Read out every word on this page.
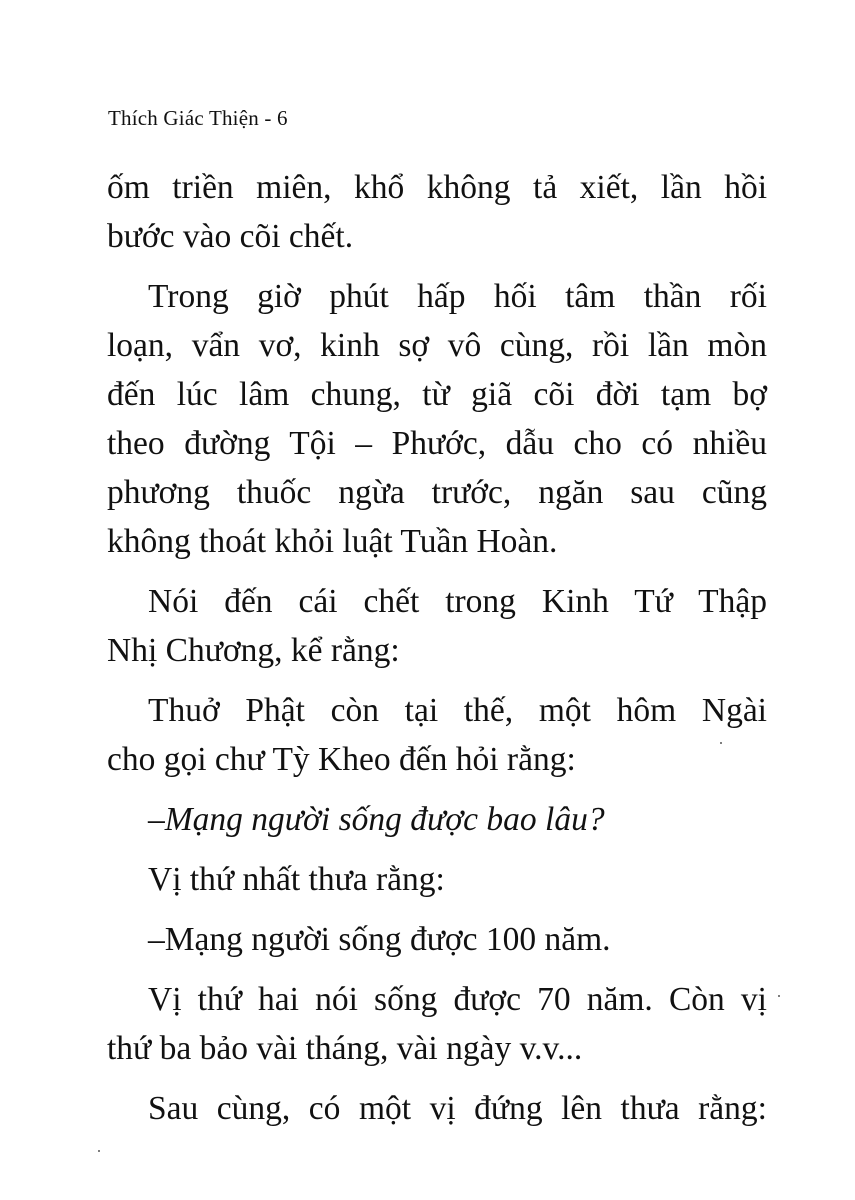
Thích Giác Thiện - 6

ốm triền miên, khổ không tả xiết, lần hồi
bước vào cõi chết.

Trong giờ phút hấp hối tâm thần rối
loạn, vẩn vơ, kinh sợ vô cùng, rồi lần mòn
đến lúc lâm chung, từ giã cõi đời tạm bợ
theo đường Tội – Phước, dẫu cho có nhiều
phương thuốc ngừa trước, ngăn sau cũng
không thoát khỏi luật Tuần Hoàn.

Nói đến cái chết trong Kinh Tứ Thập
Nhị Chương, kể rằng:

Thuở Phật còn tại thế, một hôm Ngài
cho gọi chư Tỳ Kheo đến hỏi rằng:

–Mạng người sống được bao lâu?

Vị thứ nhất thưa rằng:

–Mạng người sống được 100 năm.

Vị thứ hai nói sống được 70 năm. Còn vị
thứ ba bảo vài tháng, vài ngày v.v...

Sau cùng, có một vị đứng lên thưa rằng:
